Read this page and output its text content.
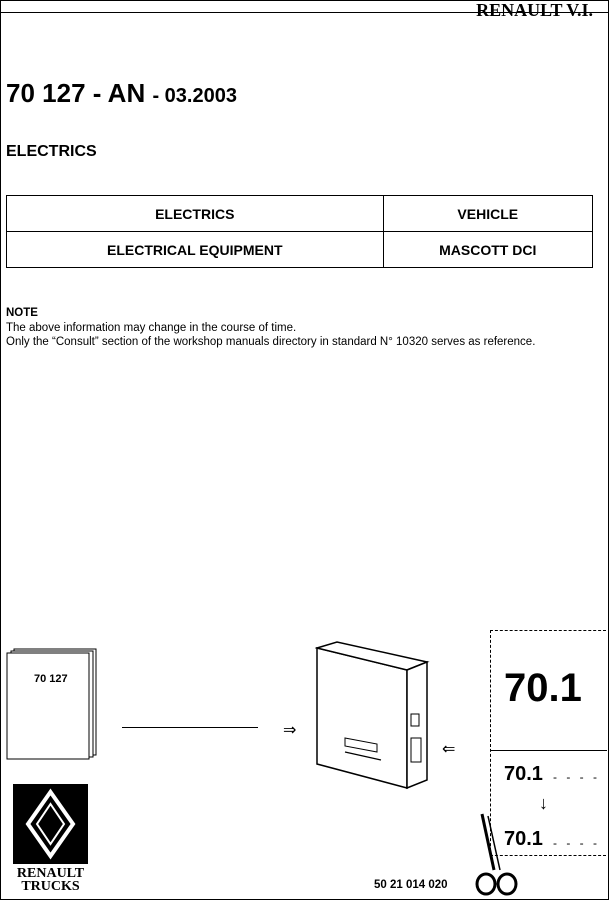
RENAULT V.I.
70 127 - AN - 03.2003
ELECTRICS
ELECTRICS	VEHICLE
ELECTRICAL EQUIPMENT	MASCOTT DCI
NOTE
The above information may change in the course of time.
Only the “Consult” section of the workshop manuals directory in standard N° 10320 serves as reference.
70 127
⇒
⇐
70.1
70.1 - - - -
↓
70.1 - - - -
RENAULT
TRUCKS	50 21 014 020
